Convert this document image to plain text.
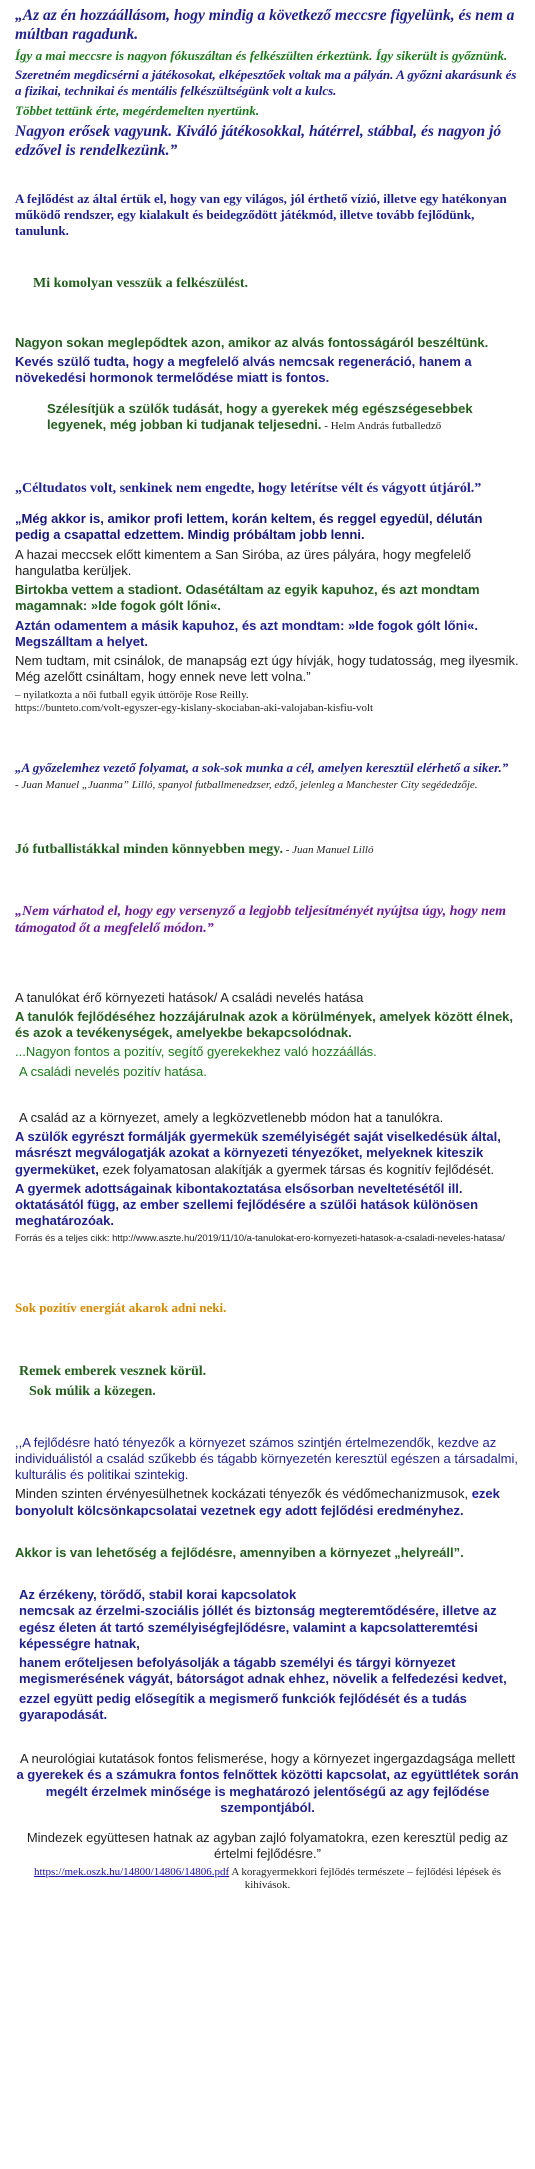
„Az az én hozzáállásom, hogy mindig a következő meccsre figyelünk, és nem a múltban ragadunk.

Így a mai meccsre is nagyon fókuszáltan és felkészülten érkeztünk. Így sikerült is győznünk.

Szeretném megdicsérni a játékosokat, elképesztőek voltak ma a pályán. A győzni akarásunk és a fizikai, technikai és mentális felkészültségünk volt a kulcs.

Többet tettünk érte, megérdemelten nyertünk.

Nagyon erősek vagyunk. Kiváló játékosokkal, hátérrel, stábbal, és nagyon jó edzővel is rendelkezünk.”

A fejlődést az által értük el, hogy van egy világos, jól érthető vízió, illetve egy hatékonyan működő rendszer, egy kialakult és beidegződött játékmód, illetve tovább fejlődünk, tanulunk.

Mi komolyan vesszük a felkészülést.

Nagyon sokan meglepődtek azon, amikor az alvás fontosságáról beszéltünk.

Kevés szülő tudta, hogy a megfelelő alvás nemcsak regeneráció, hanem a növekedési hormonok termelődése miatt is fontos.

Szélesítjük a szülők tudását, hogy a gyerekek még egészségesebbek legyenek, még jobban ki tudjanak teljesedni. - Helm András futballedző

„Céltudatos volt, senkinek nem engedte, hogy letérítse vélt és vágyott útjáról.”

„Még akkor is, amikor profi lettem, korán keltem, és reggel egyedül, délután pedig a csapattal edzettem. Mindig próbáltam jobb lenni.

A hazai meccsek előtt kimentem a San Siróba, az üres pályára, hogy megfelelő hangulatba kerüljek.

Birtokba vettem a stadiont. Odasétáltam az egyik kapuhoz, és azt mondtam magamnak: »Ide fogok gólt lőni«.

Aztán odamentem a másik kapuhoz, és azt mondtam: »Ide fogok gólt lőni«. Megszálltam a helyet.

Nem tudtam, mit csinálok, de manapság ezt úgy hívják, hogy tudatosság, meg ilyesmik. Még azelőtt csináltam, hogy ennek neve lett volna.”

– nyilatkozta a női futball egyik úttörője Rose Reilly.

https://bunteto.com/volt-egyszer-egy-kislany-skociaban-aki-valojaban-kisfiu-volt

„A győzelemhez vezető folyamat, a sok-sok munka a cél, amelyen keresztül elérhető a siker.”

- Juan Manuel „Juanma” Lilló, spanyol futballmenedzser, edző, jelenleg a Manchester City segédedzője.

Jó futballistákkal minden könnyebben megy. - Juan Manuel Lilló

„Nem várhatod el, hogy egy versenyző a legjobb teljesítményét nyújtsa úgy, hogy nem támogatod őt a megfelelő módon.”

A tanulókat érő környezeti hatások/ A családi nevelés hatása

A tanulók fejlődéséhez hozzájárulnak azok a körülmények, amelyek között élnek, és azok a tevékenységek, amelyekbe bekapcsolódnak.

...Nagyon fontos a pozitív, segítő gyerekekhez való hozzáállás.

A családi nevelés pozitív hatása.

A család az a környezet, amely a legközvetlenebb módon hat a tanulókra.

A szülők egyrészt formálják gyermekük személyiségét saját viselkedésük által, másrészt megválogatják azokat a környezeti tényezőket, melyeknek kiteszik gyermeküket, ezek folyamatosan alakítják a gyermek társas és kognitív fejlődését.

A gyermek adottságainak kibontakoztatása elsősorban neveltetésétől ill. oktatásától függ, az ember szellemi fejlődésére a szülői hatások különösen meghatározóak.

Forrás és a teljes cikk: http://www.aszte.hu/2019/11/10/a-tanulokat-ero-kornyezeti-hatasok-a-csaladi-neveles-hatasa/

Sok pozitív energiát akarok adni neki.

Remek emberek vesznek körül.

Sok múlik a közegen.

,,A fejlődésre ható tényezők a környezet számos szintjén értelmezendők, kezdve az individuálistól a család szűkebb és tágabb környezetén keresztül egészen a társadalmi, kulturális és politikai szintekig.

Minden szinten érvényesülhetnek kockázati tényezők és védőmechanizmusok, ezek bonyolult kölcsönkapcsolatai vezetnek egy adott fejlődési eredményhez.

Akkor is van lehetőség a fejlődésre, amennyiben a környezet „helyreáll”.

Az érzékeny, törődő, stabil korai kapcsolatok

nemcsak az érzelmi-szociális jóllét és biztonság megteremtődésére, illetve az egész életen át tartó személyiségfejlődésre, valamint a kapcsolatteremtési képességre hatnak,

hanem erőteljesen befolyásolják a tágabb személyi és tárgyi környezet megismerésének vágyát, bátorságot adnak ehhez, növelik a felfedezési kedvet,

ezzel együtt pedig elősegítik a megismerő funkciók fejlődését és a tudás gyarapodását.

A neurológiai kutatások fontos felismerése, hogy a környezet ingergazdagsága mellett a gyerekek és a számukra fontos felnőttek közötti kapcsolat, az együttlétek során megélt érzelmek minősége is meghatározó jelentőségű az agy fejlődése szempontjából.

Mindezek együttesen hatnak az agyban zajló folyamatokra, ezen keresztül pedig az értelmi fejlődésre.”

https://mek.oszk.hu/14800/14806/14806.pdf A koragyermekkori fejlődés természete – fejlődési lépések és kihívások.
